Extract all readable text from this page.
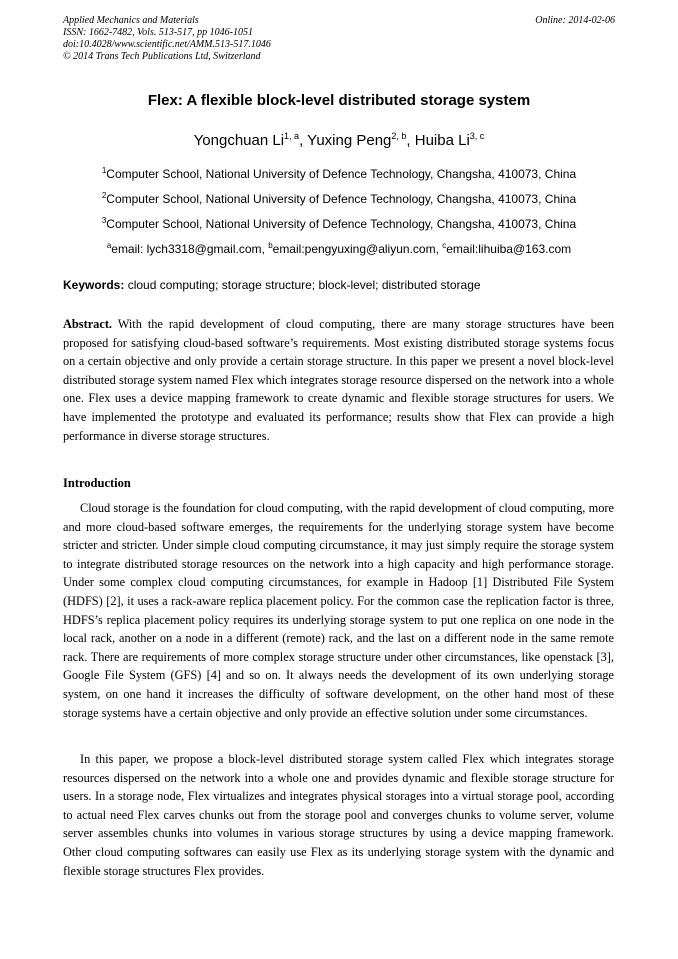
Applied Mechanics and Materials
ISSN: 1662-7482, Vols. 513-517, pp 1046-1051
doi:10.4028/www.scientific.net/AMM.513-517.1046
© 2014 Trans Tech Publications Ltd, Switzerland
Online: 2014-02-06
Flex: A flexible block-level distributed storage system
Yongchuan Li$^{1, a}$, Yuxing Peng$^{2, b}$, Huiba Li$^{3, c}$
$^1$Computer School, National University of Defence Technology, Changsha, 410073, China
$^2$Computer School, National University of Defence Technology, Changsha, 410073, China
$^3$Computer School, National University of Defence Technology, Changsha, 410073, China
$^a$email: lych3318@gmail.com, $^b$email:pengyuxing@aliyun.com, $^c$email:lihuiba@163.com
Keywords: cloud computing; storage structure; block-level; distributed storage
Abstract. With the rapid development of cloud computing, there are many storage structures have been proposed for satisfying cloud-based software’s requirements. Most existing distributed storage systems focus on a certain objective and only provide a certain storage structure. In this paper we present a novel block-level distributed storage system named Flex which integrates storage resource dispersed on the network into a whole one. Flex uses a device mapping framework to create dynamic and flexible storage structures for users. We have implemented the prototype and evaluated its performance; results show that Flex can provide a high performance in diverse storage structures.
Introduction
Cloud storage is the foundation for cloud computing, with the rapid development of cloud computing, more and more cloud-based software emerges, the requirements for the underlying storage system have become stricter and stricter. Under simple cloud computing circumstance, it may just simply require the storage system to integrate distributed storage resources on the network into a high capacity and high performance storage. Under some complex cloud computing circumstances, for example in Hadoop [1] Distributed File System (HDFS) [2], it uses a rack-aware replica placement policy. For the common case the replication factor is three, HDFS’s replica placement policy requires its underlying storage system to put one replica on one node in the local rack, another on a node in a different (remote) rack, and the last on a different node in the same remote rack. There are requirements of more complex storage structure under other circumstances, like openstack [3], Google File System (GFS) [4] and so on. It always needs the development of its own underlying storage system, on one hand it increases the difficulty of software development, on the other hand most of these storage systems have a certain objective and only provide an effective solution under some circumstances.
In this paper, we propose a block-level distributed storage system called Flex which integrates storage resources dispersed on the network into a whole one and provides dynamic and flexible storage structure for users. In a storage node, Flex virtualizes and integrates physical storages into a virtual storage pool, according to actual need Flex carves chunks out from the storage pool and converges chunks to volume server, volume server assembles chunks into volumes in various storage structures by using a device mapping framework. Other cloud computing softwares can easily use Flex as its underlying storage system with the dynamic and flexible storage structures Flex provides.
